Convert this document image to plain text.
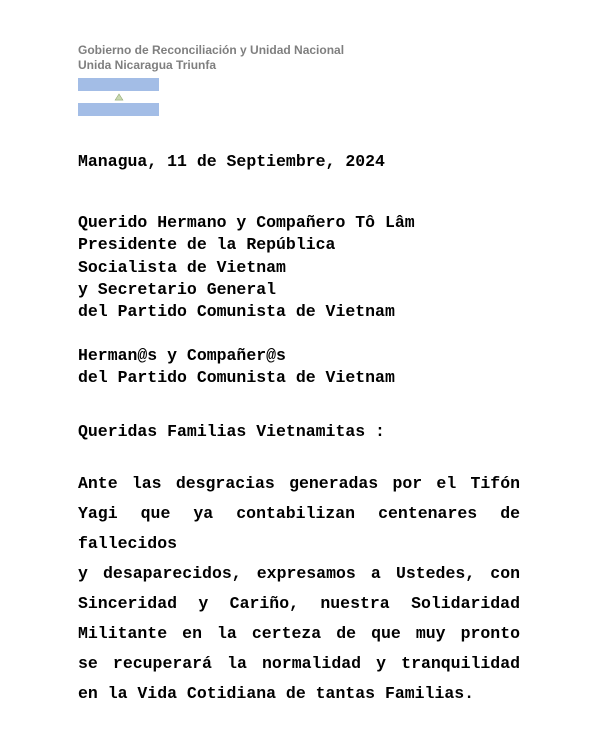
Gobierno de Reconciliación y Unidad Nacional
Unida Nicaragua Triunfa
Managua, 11 de Septiembre, 2024
Querido Hermano y Compañero Tô Lâm
Presidente de la República
Socialista de Vietnam
y Secretario General
del Partido Comunista de Vietnam
Herman@s y Compañer@s
del Partido Comunista de Vietnam
Queridas Familias Vietnamitas :
Ante las desgracias generadas por el Tifón
Yagi que ya contabilizan centenares de fallecidos
y desaparecidos, expresamos a Ustedes, con
Sinceridad y Cariño, nuestra Solidaridad
Militante en la certeza de que muy pronto
se recuperará la normalidad y tranquilidad
en la Vida Cotidiana de tantas Familias.
